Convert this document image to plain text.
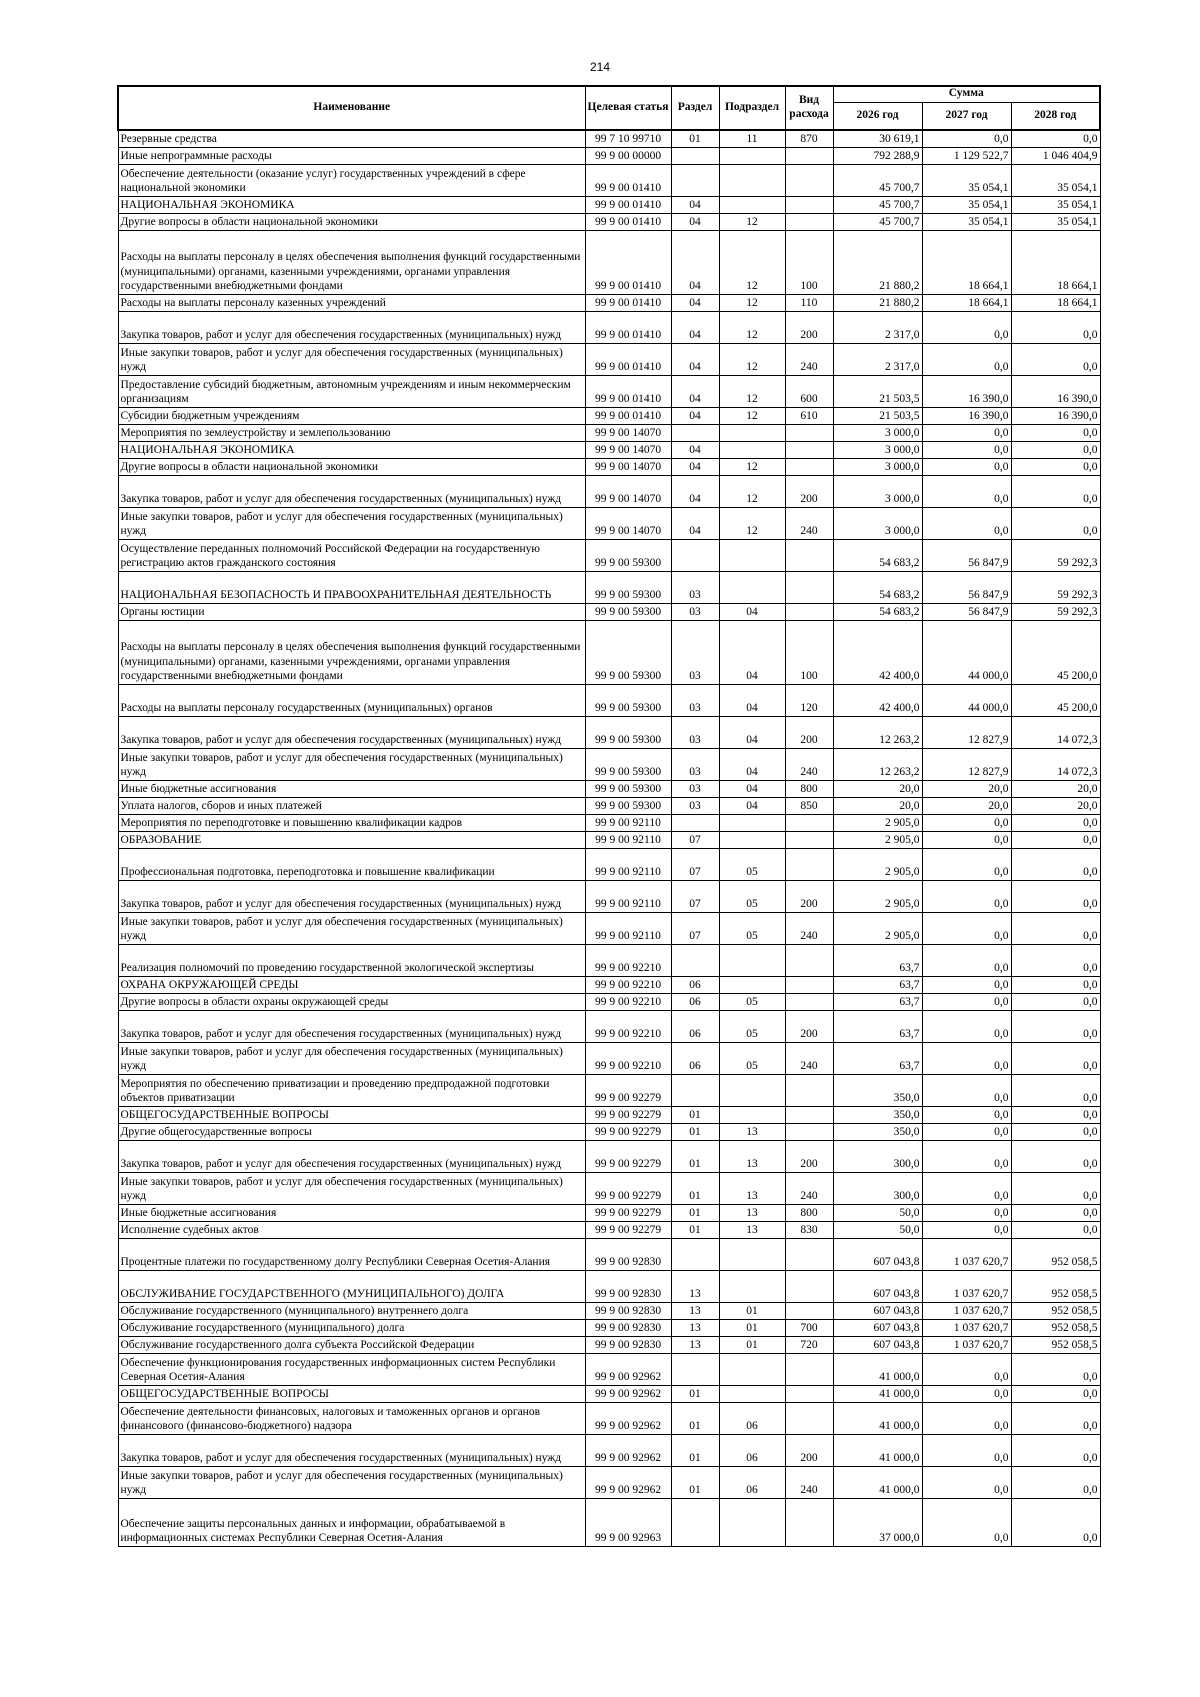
214
Наименование	Целевая статья	Раздел	Подраздел	Вид расхода	Сумма		
					2026 год	2027 год	2028 год
Резервные средства	99 7 10 99710	01	11	870	30 619,1	0,0	0,0
Иные непрограммные расходы	99 9 00 00000				792 288,9	1 129 522,7	1 046 404,9
Обеспечение деятельности (оказание услуг) государственных учреждений в сфере национальной экономики	99 9 00 01410				45 700,7	35 054,1	35 054,1
НАЦИОНАЛЬНАЯ ЭКОНОМИКА	99 9 00 01410	04			45 700,7	35 054,1	35 054,1
Другие вопросы в области национальной экономики	99 9 00 01410	04	12		45 700,7	35 054,1	35 054,1
Расходы на выплаты персоналу в целях обеспечения выполнения функций государственными (муниципальными) органами, казенными учреждениями, органами управления государственными внебюджетными фондами	99 9 00 01410	04	12	100	21 880,2	18 664,1	18 664,1
Расходы на выплаты персоналу казенных учреждений	99 9 00 01410	04	12	110	21 880,2	18 664,1	18 664,1
Закупка товаров, работ и услуг для обеспечения государственных (муниципальных) нужд	99 9 00 01410	04	12	200	2 317,0	0,0	0,0
Иные закупки товаров, работ и услуг для обеспечения государственных (муниципальных) нужд	99 9 00 01410	04	12	240	2 317,0	0,0	0,0
Предоставление субсидий бюджетным, автономным учреждениям и иным некоммерческим организациям	99 9 00 01410	04	12	600	21 503,5	16 390,0	16 390,0
Субсидии бюджетным учреждениям	99 9 00 01410	04	12	610	21 503,5	16 390,0	16 390,0
Мероприятия по землеустройству и землепользованию	99 9 00 14070				3 000,0	0,0	0,0
НАЦИОНАЛЬНАЯ ЭКОНОМИКА	99 9 00 14070	04			3 000,0	0,0	0,0
Другие вопросы в области национальной экономики	99 9 00 14070	04	12		3 000,0	0,0	0,0
Закупка товаров, работ и услуг для обеспечения государственных (муниципальных) нужд	99 9 00 14070	04	12	200	3 000,0	0,0	0,0
Иные закупки товаров, работ и услуг для обеспечения государственных (муниципальных) нужд	99 9 00 14070	04	12	240	3 000,0	0,0	0,0
Осуществление переданных полномочий Российской Федерации на государственную регистрацию актов гражданского состояния	99 9 00 59300				54 683,2	56 847,9	59 292,3
НАЦИОНАЛЬНАЯ БЕЗОПАСНОСТЬ И ПРАВООХРАНИТЕЛЬНАЯ ДЕЯТЕЛЬНОСТЬ	99 9 00 59300	03			54 683,2	56 847,9	59 292,3
Органы юстиции	99 9 00 59300	03	04		54 683,2	56 847,9	59 292,3
Расходы на выплаты персоналу в целях обеспечения выполнения функций государственными (муниципальными) органами, казенными учреждениями, органами управления государственными внебюджетными фондами	99 9 00 59300	03	04	100	42 400,0	44 000,0	45 200,0
Расходы на выплаты персоналу государственных (муниципальных) органов	99 9 00 59300	03	04	120	42 400,0	44 000,0	45 200,0
Закупка товаров, работ и услуг для обеспечения государственных (муниципальных) нужд	99 9 00 59300	03	04	200	12 263,2	12 827,9	14 072,3
Иные закупки товаров, работ и услуг для обеспечения государственных (муниципальных) нужд	99 9 00 59300	03	04	240	12 263,2	12 827,9	14 072,3
Иные бюджетные ассигнования	99 9 00 59300	03	04	800	20,0	20,0	20,0
Уплата налогов, сборов и иных платежей	99 9 00 59300	03	04	850	20,0	20,0	20,0
Мероприятия по переподготовке и повышению квалификации кадров	99 9 00 92110				2 905,0	0,0	0,0
ОБРАЗОВАНИЕ	99 9 00 92110	07			2 905,0	0,0	0,0
Профессиональная подготовка, переподготовка и повышение квалификации	99 9 00 92110	07	05		2 905,0	0,0	0,0
Закупка товаров, работ и услуг для обеспечения государственных (муниципальных) нужд	99 9 00 92110	07	05	200	2 905,0	0,0	0,0
Иные закупки товаров, работ и услуг для обеспечения государственных (муниципальных) нужд	99 9 00 92110	07	05	240	2 905,0	0,0	0,0
Реализация полномочий по проведению государственной экологической экспертизы	99 9 00 92210				63,7	0,0	0,0
ОХРАНА ОКРУЖАЮЩЕЙ СРЕДЫ	99 9 00 92210	06			63,7	0,0	0,0
Другие вопросы в области охраны окружающей среды	99 9 00 92210	06	05		63,7	0,0	0,0
Закупка товаров, работ и услуг для обеспечения государственных (муниципальных) нужд	99 9 00 92210	06	05	200	63,7	0,0	0,0
Иные закупки товаров, работ и услуг для обеспечения государственных (муниципальных) нужд	99 9 00 92210	06	05	240	63,7	0,0	0,0
Мероприятия по обеспечению приватизации и проведению предпродажной подготовки объектов приватизации	99 9 00 92279				350,0	0,0	0,0
ОБЩЕГОСУДАРСТВЕННЫЕ ВОПРОСЫ	99 9 00 92279	01			350,0	0,0	0,0
Другие общегосударственные вопросы	99 9 00 92279	01	13		350,0	0,0	0,0
Закупка товаров, работ и услуг для обеспечения государственных (муниципальных) нужд	99 9 00 92279	01	13	200	300,0	0,0	0,0
Иные закупки товаров, работ и услуг для обеспечения государственных (муниципальных) нужд	99 9 00 92279	01	13	240	300,0	0,0	0,0
Иные бюджетные ассигнования	99 9 00 92279	01	13	800	50,0	0,0	0,0
Исполнение судебных актов	99 9 00 92279	01	13	830	50,0	0,0	0,0
Процентные платежи по государственному долгу Республики Северная Осетия-Алания	99 9 00 92830				607 043,8	1 037 620,7	952 058,5
ОБСЛУЖИВАНИЕ ГОСУДАРСТВЕННОГО (МУНИЦИПАЛЬНОГО) ДОЛГА	99 9 00 92830	13			607 043,8	1 037 620,7	952 058,5
Обслуживание государственного (муниципального) внутреннего долга	99 9 00 92830	13	01		607 043,8	1 037 620,7	952 058,5
Обслуживание государственного (муниципального) долга	99 9 00 92830	13	01	700	607 043,8	1 037 620,7	952 058,5
Обслуживание государственного долга субъекта Российской Федерации	99 9 00 92830	13	01	720	607 043,8	1 037 620,7	952 058,5
Обеспечение функционирования государственных информационных систем Республики Северная Осетия-Алания	99 9 00 92962				41 000,0	0,0	0,0
ОБЩЕГОСУДАРСТВЕННЫЕ ВОПРОСЫ	99 9 00 92962	01			41 000,0	0,0	0,0
Обеспечение деятельности финансовых, налоговых и таможенных органов и органов финансового (финансово-бюджетного) надзора	99 9 00 92962	01	06		41 000,0	0,0	0,0
Закупка товаров, работ и услуг для обеспечения государственных (муниципальных) нужд	99 9 00 92962	01	06	200	41 000,0	0,0	0,0
Иные закупки товаров, работ и услуг для обеспечения государственных (муниципальных) нужд	99 9 00 92962	01	06	240	41 000,0	0,0	0,0
Обеспечение защиты персональных данных и информации, обрабатываемой в информационных системах Республики Северная Осетия-Алания	99 9 00 92963				37 000,0	0,0	0,0
